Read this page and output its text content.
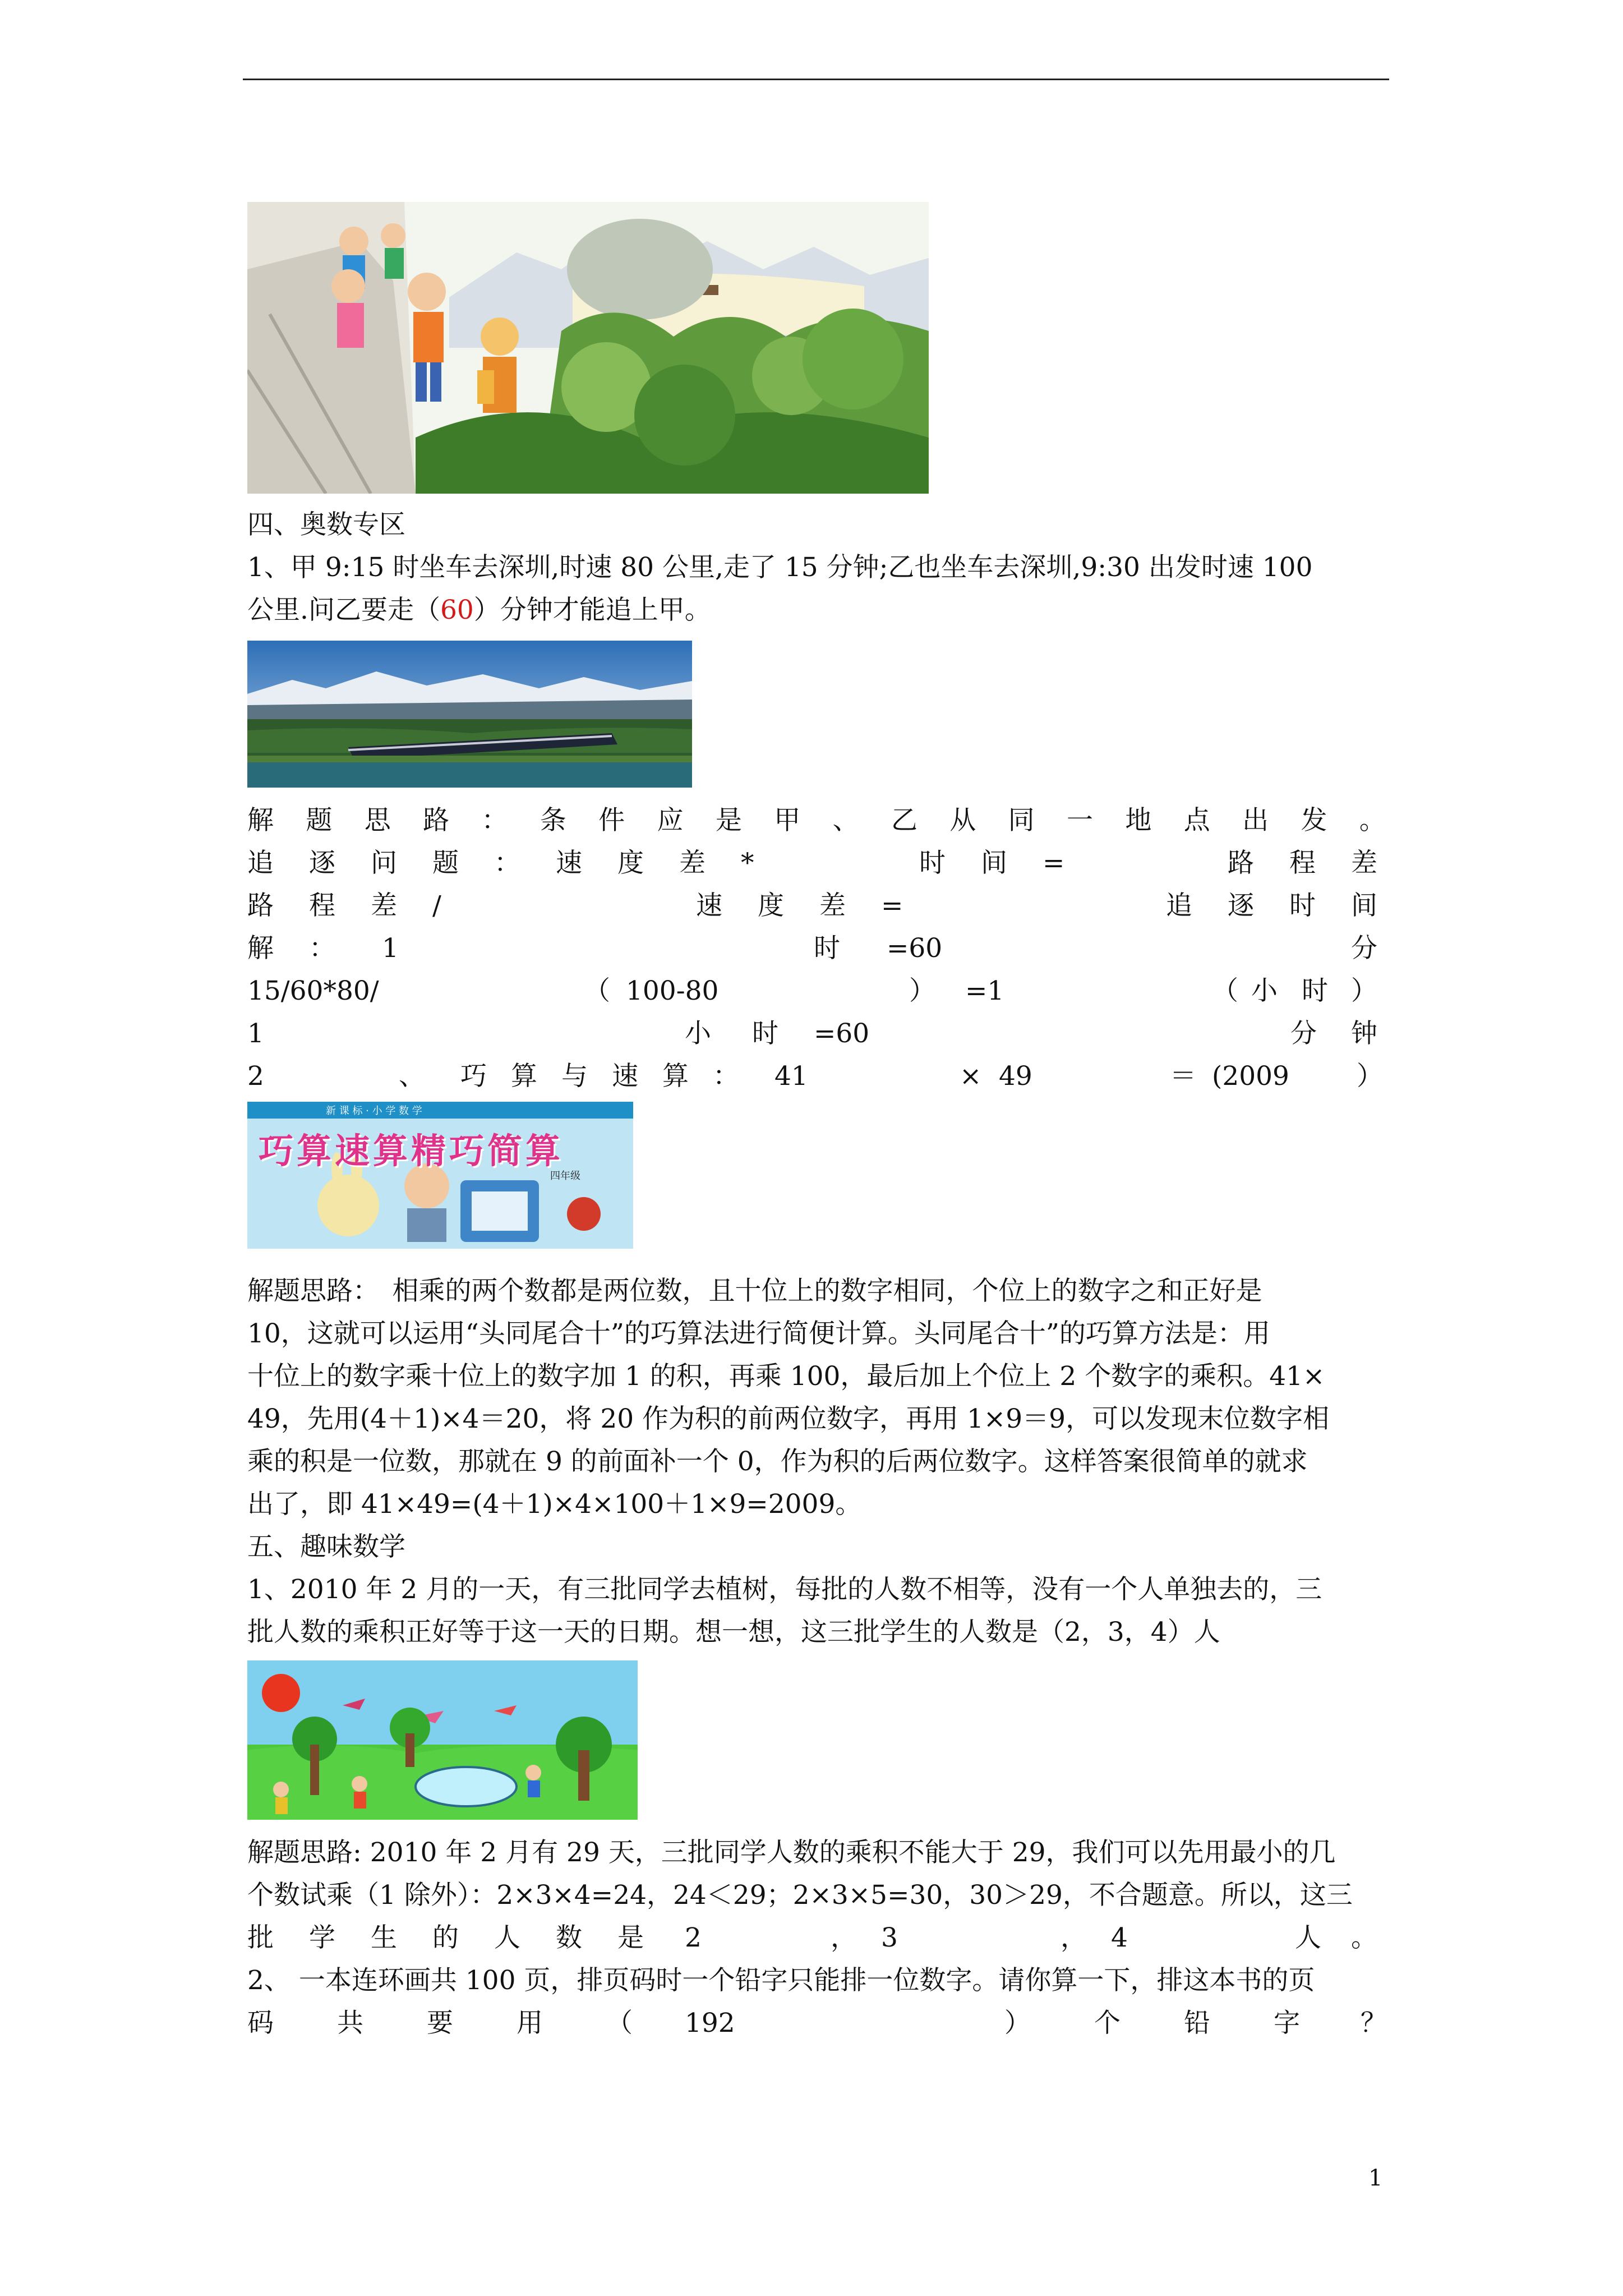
四、奥数专区
1、甲 9:15 时坐车去深圳,时速 80 公里,走了 15 分钟;乙也坐车去深圳,9:30 出发时速 100
公里.问乙要走（60）分钟才能追上甲。
解 题 思 路 ： 条 件 应 是 甲 、 乙 从 同 一 地 点 出 发 。
追 逐 问 题 ： 速 度 差 *	时 间 =	路 程 差
路 程 差 /	速 度 差 =	追 逐 时 间
解 ： 1	时 =60	分
15/60*80/	（ 100-80	） =1	（ 小 时 ）
1	小 时 =60	分 钟
2	、 巧 算 与 速 算 ： 41	× 49	＝ (2009	）
新 课 标 · 小 学 数 学
巧算速算精巧简算
四年级
解题思路：　相乘的两个数都是两位数，且十位上的数字相同，个位上的数字之和正好是
10，这就可以运用“头同尾合十”的巧算法进行简便计算。头同尾合十”的巧算方法是：用
十位上的数字乘十位上的数字加 1 的积，再乘 100，最后加上个位上 2 个数字的乘积。41×
49，先用(4＋1)×4＝20，将 20 作为积的前两位数字，再用 1×9＝9，可以发现末位数字相
乘的积是一位数，那就在 9 的前面补一个 0，作为积的后两位数字。这样答案很简单的就求
出了，即 41×49=(4＋1)×4×100＋1×9=2009。
五、趣味数学
1、2010 年 2 月的一天，有三批同学去植树，每批的人数不相等，没有一个人单独去的，三
批人数的乘积正好等于这一天的日期。想一想，这三批学生的人数是（2，3，4）人
解题思路: 2010 年 2 月有 29 天，三批同学人数的乘积不能大于 29，我们可以先用最小的几
个数试乘（1 除外）：2×3×4=24，24＜29；2×3×5=30，30＞29，不合题意。所以，这三
批 学 生 的 人 数 是 2	， 3	， 4	人 。
2、 一本连环画共 100 页，排页码时一个铅字只能排一位数字。请你算一下，排这本书的页
码 共 要 用 （ 192	） 个 铅 字 ？
1
